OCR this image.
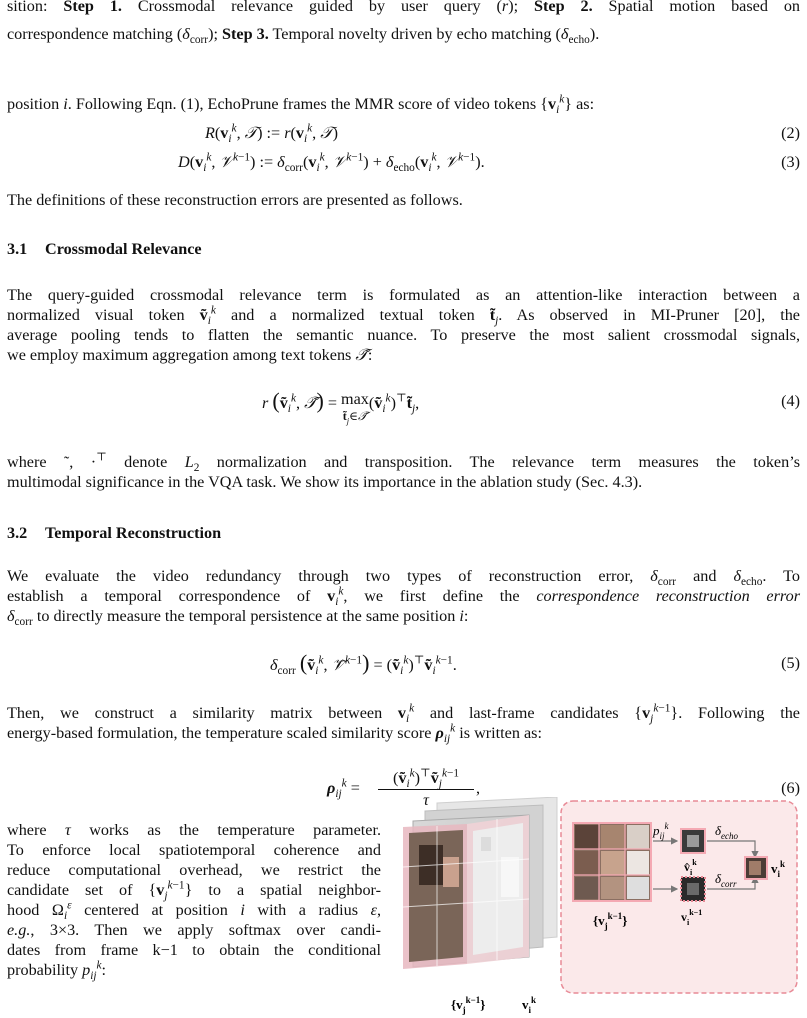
sition: Step 1. Crossmodal relevance guided by user query (r); Step 2. Spatial motion based on
correspondence matching $(\delta_{corr})$; Step 3. Temporal novelty driven by echo matching $(\delta_{echo})$.
position i. Following Eqn. (1), EchoPrune frames the MMR score of video tokens $\{v_i^k\}$ as:
$R(v_i^k$, 𝒯) := $r(v_i^k$, 𝒯)	(2)
$D(v_i^k$, 𝒱$^{k-1}$) := $\delta_{corr}(v_i^k$, 𝒱$^{k-1}$) + $\delta_{echo}(v_i^k$, 𝒱$^{k-1}$).	(3)
The definitions of these reconstruction errors are presented as follows.
3.1 Crossmodal Relevance
The query-guided crossmodal relevance term is formulated as an attention-like interaction between a
normalized visual token ṽ$_i^k$ and a normalized textual token $t̃_j$. As observed in MI-Pruner [20], the
average pooling tends to flatten the semantic nuance. To preserve the most salient crossmodal signals,
we employ maximum aggregation among text tokens 𝒯̃:
r (ṽ$_i^k$, 𝒯̃) = max
$t̃_j\in 𝒯̃(ṽ_i^k)^⊤t̃_j$,	(4)
where ˜, ·⊤ denote $L_2$ normalization and transposition. The relevance term measures the token’s
multimodal significance in the VQA task. We show its importance in the ablation study (Sec. 4.3).
3.2 Temporal Reconstruction
We evaluate the video redundancy through two types of reconstruction error, $\delta_{corr}$ and $\delta_{echo}$. To
establish a temporal correspondence of $v_i^k$, we first define the correspondence reconstruction error
$\delta_{corr}$ to directly measure the temporal persistence at the same position i:
$\delta_{corr}$ (ṽ$_i^k$, 𝒱̃$^{k-1}$) = (ṽ$_i^k$)⊤ṽ$_i^{k-1}$.	(5)
Then, we construct a similarity matrix between $v_i^k$ and last-frame candidates $\{v_j^{k-1}\}$. Following the
energy-based formulation, the temperature scaled similarity score $\rho_{ij}^k$ is written as:
$\rho_{ij}^k$ =
(ṽ$_i^k$)⊤ṽ$_j^{k-1}$
τ
,	(6)
where τ works as the temperature parameter.
To enforce local spatiotemporal coherence and
reduce computational overhead, we restrict the
candidate set of $\{v_j^{k-1}\}$ to a spatial neighbor-
hood $\Omega_i^\varepsilon$ centered at position i with a radius ε,
e.g., 3×3. Then we apply softmax over candi-
dates from frame k−1 to obtain the conditional
probability $p_{ij}^k$:
$\{v_j^{k-1}\}$	$v_i^k$
$\{v_j^{k-1}\}$
$p_{ij}^k$
$v̂_i^k$
$v_i^{k-1}$
$\delta_{echo}$
$\delta_{corr}$
$v_i^k$
